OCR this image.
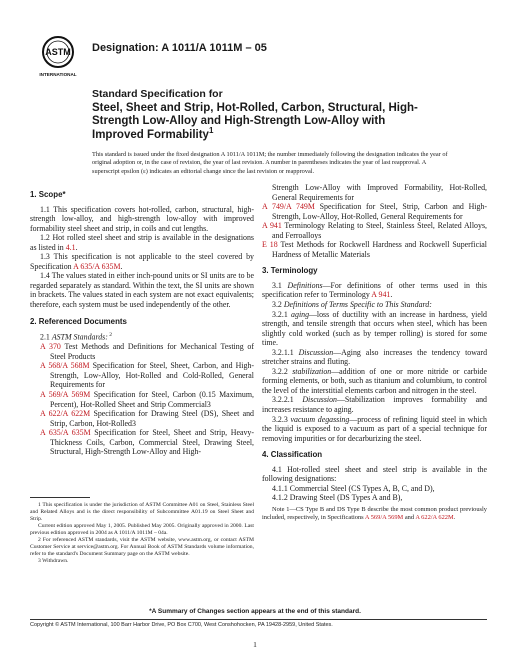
ASTM
INTERNATIONAL
Designation: A 1011/A 1011M – 05
Standard Specification for
Steel, Sheet and Strip, Hot-Rolled, Carbon, Structural, High-
Strength Low-Alloy and High-Strength Low-Alloy with
Improved Formability$^1$
This standard is issued under the fixed designation A 1011/A 1011M; the number immediately following the designation indicates the year of original adoption or, in the case of revision, the year of last revision. A number in parentheses indicates the year of last reapproval. A superscript epsilon (ε) indicates an editorial change since the last revision or reapproval.

1. Scope*

1.1 This specification covers hot-rolled, carbon, structural, high-strength low-alloy, and high-strength low-alloy with improved formability steel sheet and strip, in coils and cut lengths.

1.2 Hot rolled steel sheet and strip is available in the designations as listed in 4.1.

1.3 This specification is not applicable to the steel covered by Specification A 635/A 635M.

1.4 The values stated in either inch-pound units or SI units are to be regarded separately as standard. Within the text, the SI units are shown in brackets. The values stated in each system are not exact equivalents; therefore, each system must be used independently of the other.

2. Referenced Documents

2.1 ASTM Standards: $^2$

A 370 Test Methods and Definitions for Mechanical Testing of Steel Products

A 568/A 568M Specification for Steel, Sheet, Carbon, and High-Strength, Low-Alloy, Hot-Rolled and Cold-Rolled, General Requirements for

A 569/A 569M Specification for Steel, Carbon (0.15 Maximum, Percent), Hot-Rolled Sheet and Strip Commercial3

A 622/A 622M Specification for Drawing Steel (DS), Sheet and Strip, Carbon, Hot-Rolled3

A 635/A 635M Specification for Steel, Sheet and Strip, Heavy-Thickness Coils, Carbon, Commercial Steel, Drawing Steel, Structural, High-Strength Low-Alloy and High-

1 This specification is under the jurisdiction of ASTM Committee A01 on Steel, Stainless Steel and Related Alloys and is the direct responsibility of Subcommittee A01.19 on Steel Sheet and Strip.

Current edition approved May 1, 2005. Published May 2005. Originally approved in 2000. Last previous edition approved in 2004 as A 1011/A 1011M – 04a.

2 For referenced ASTM standards, visit the ASTM website, www.astm.org, or contact ASTM Customer Service at service@astm.org. For Annual Book of ASTM Standards volume information, refer to the standard's Document Summary page on the ASTM website.

3 Withdrawn.

Strength Low-Alloy with Improved Formability, Hot-Rolled, General Requirements for

A 749/A 749M Specification for Steel, Strip, Carbon and High-Strength, Low-Alloy, Hot-Rolled, General Requirements for

A 941 Terminology Relating to Steel, Stainless Steel, Related Alloys, and Ferroalloys

E 18 Test Methods for Rockwell Hardness and Rockwell Superficial Hardness of Metallic Materials

3. Terminology

3.1 Definitions—For definitions of other terms used in this specification refer to Terminology A 941.

3.2 Definitions of Terms Specific to This Standard:

3.2.1 aging—loss of ductility with an increase in hardness, yield strength, and tensile strength that occurs when steel, which has been slightly cold worked (such as by temper rolling) is stored for some time.

3.2.1.1 Discussion—Aging also increases the tendency toward stretcher strains and fluting.

3.2.2 stabilization—addition of one or more nitride or carbide forming elements, or both, such as titanium and columbium, to control the level of the interstitial elements carbon and nitrogen in the steel.

3.2.2.1 Discussion—Stabilization improves formability and increases resistance to aging.

3.2.3 vacuum degassing—process of refining liquid steel in which the liquid is exposed to a vacuum as part of a special technique for removing impurities or for decarburizing the steel.

4. Classification

4.1 Hot-rolled steel sheet and steel strip is available in the following designations:

4.1.1 Commercial Steel (CS Types A, B, C, and D),

4.1.2 Drawing Steel (DS Types A and B),

Note 1—CS Type B and DS Type B describe the most common product previously included, respectively, in Specifications A 569/A 569M and A 622/A 622M.

*A Summary of Changes section appears at the end of this standard.
Copyright © ASTM International, 100 Barr Harbor Drive, PO Box C700, West Conshohocken, PA 19428-2959, United States.
1
